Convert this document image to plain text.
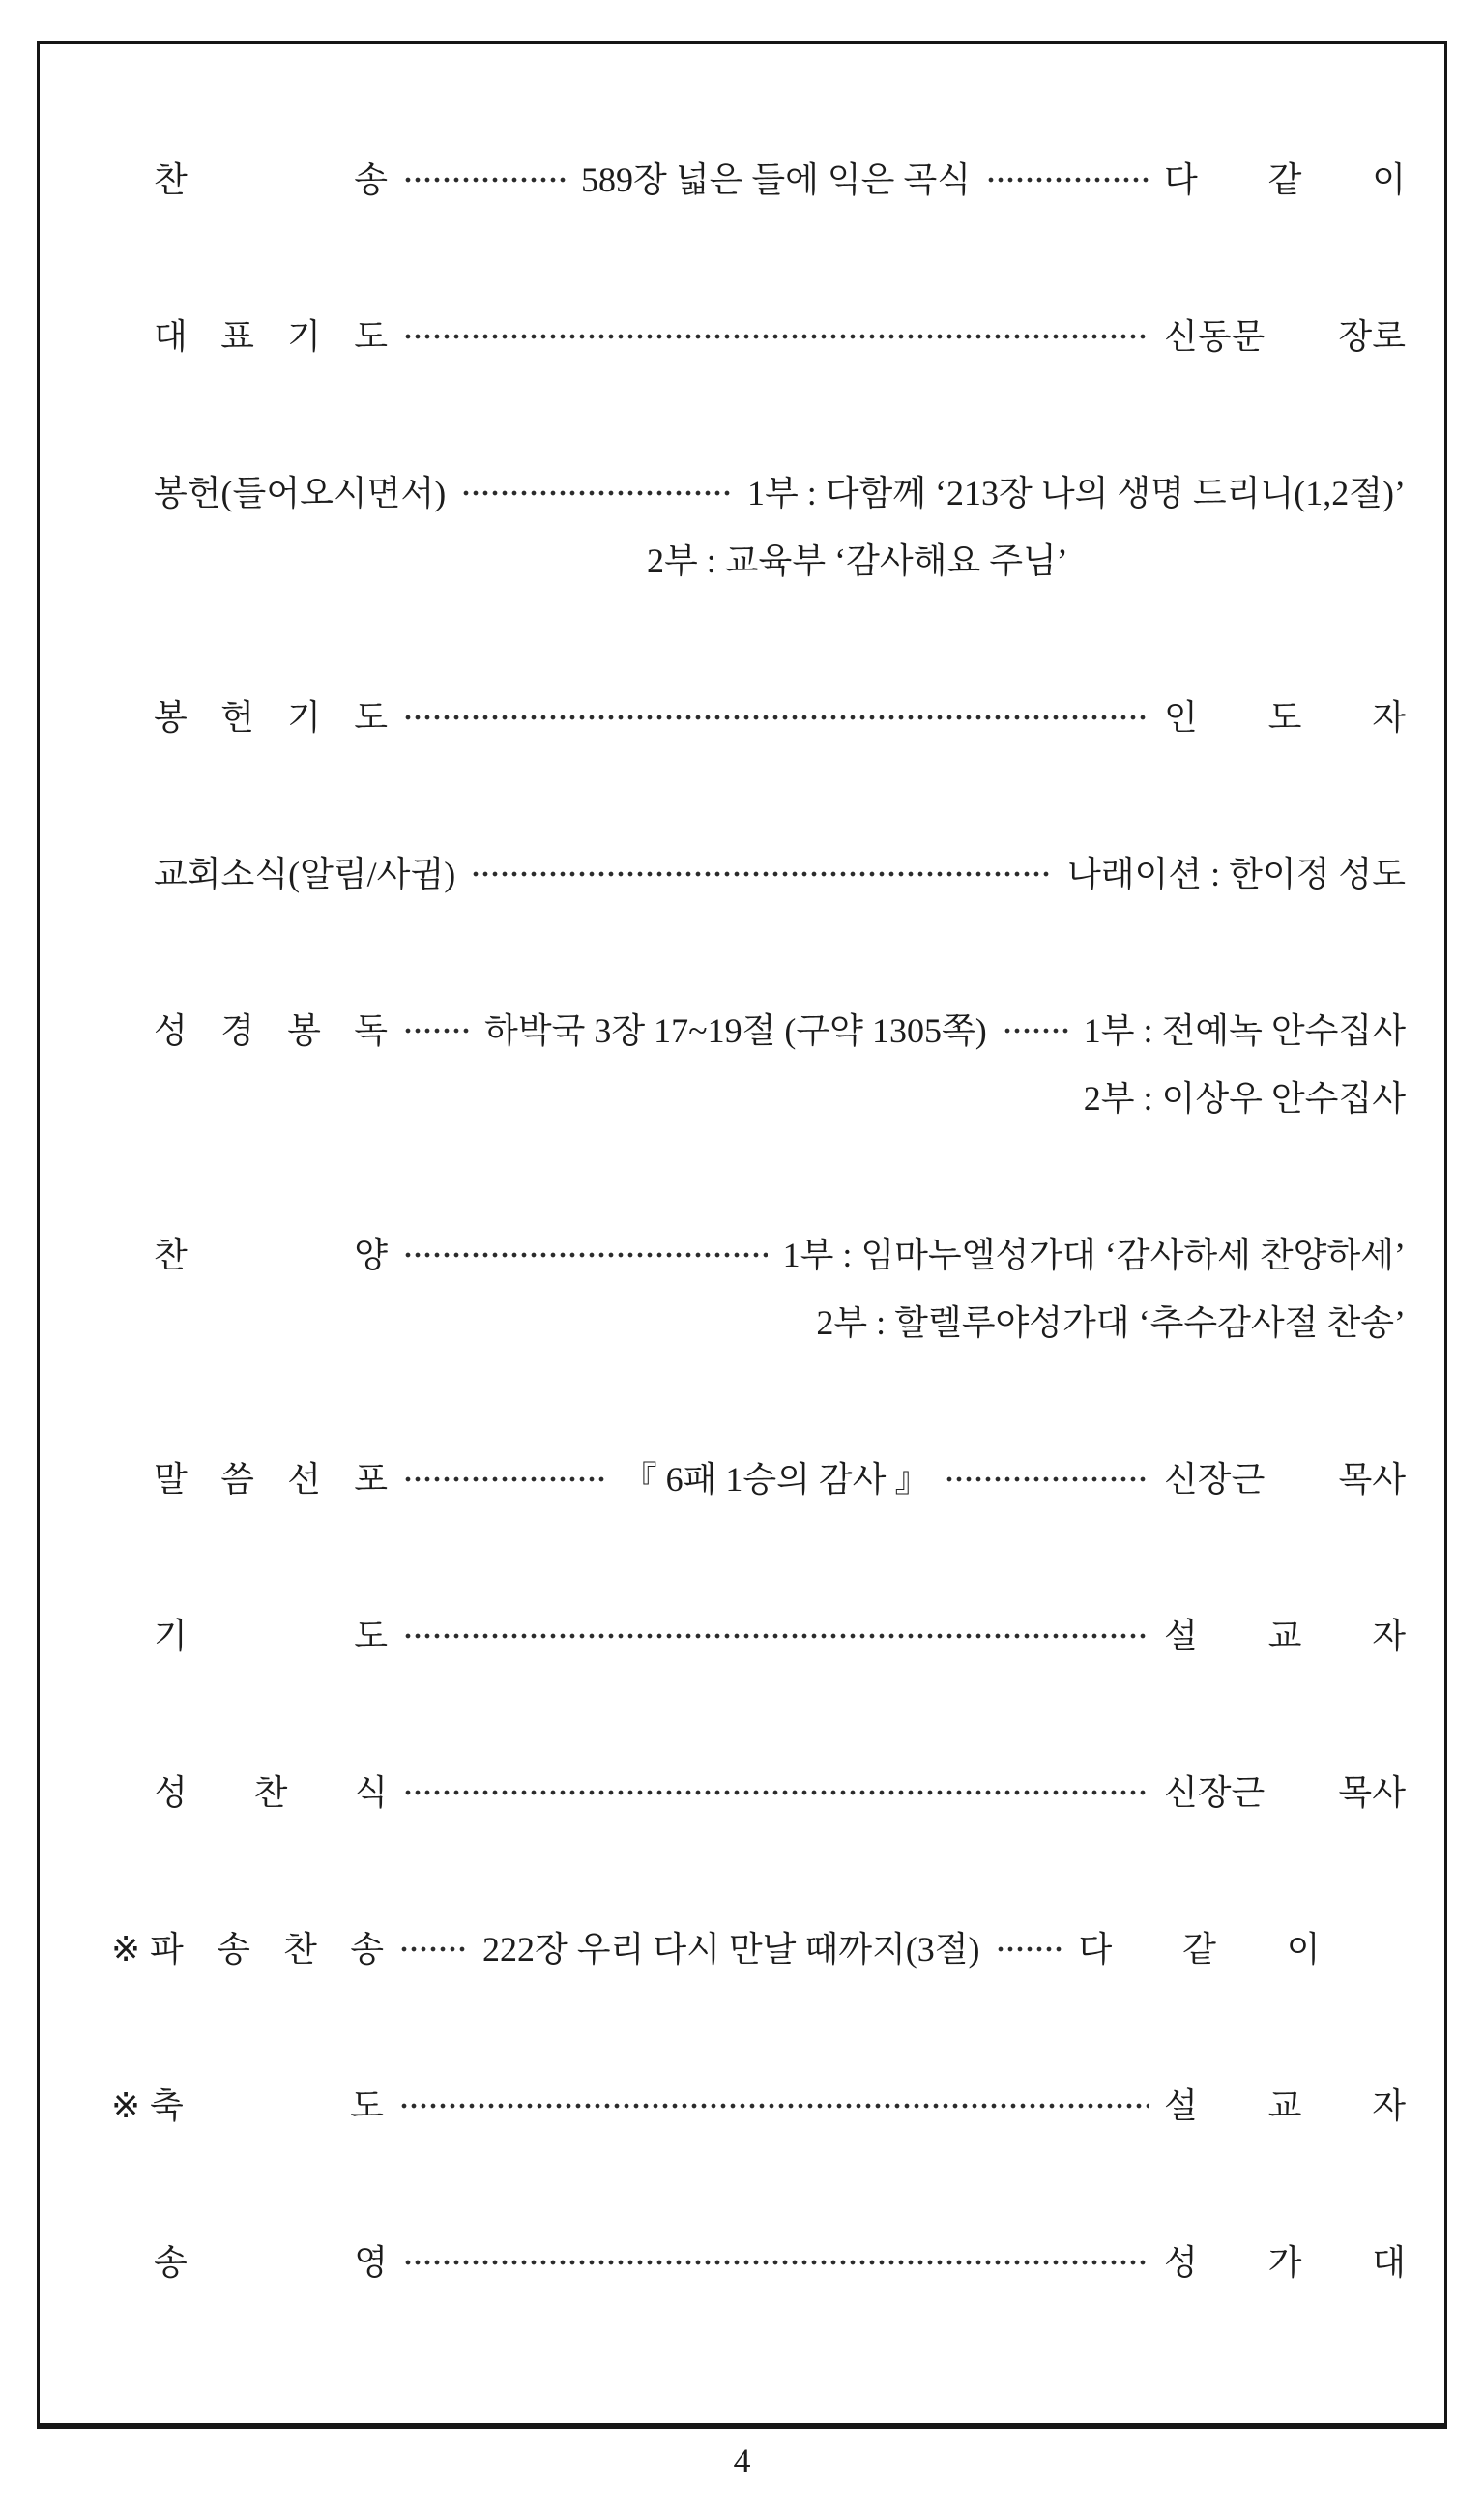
찬 송	589장 넓은 들에 익은 곡식	다 같 이
대 표 기 도	신동문 장로
봉헌(들어오시면서)	1부 : 다함께 ‘213장 나의 생명 드리니(1,2절)’
2부 : 교육부 ‘감사해요 주님’
봉 헌 기 도	인 도 자
교회소식(알림/사귐)	나래이션 : 한이정 성도
성 경 봉 독	하박국 3장 17~19절 (구약 1305쪽)	1부 : 전예녹 안수집사
2부 : 이상우 안수집사
찬 양	1부 : 임마누엘성가대 ‘감사하세 찬양하세’
2부 : 할렐루야성가대 ‘추수감사절 찬송’
말 씀 선 포	『 6패 1승의 감사 』	신장근 목사
기 도	설 교 자
성 찬 식	신장근 목사
※ 파 송 찬 송	222장 우리 다시 만날 때까지(3절)	다 같 이
※ 축 도	설 교 자
송 영	성 가 대
4
